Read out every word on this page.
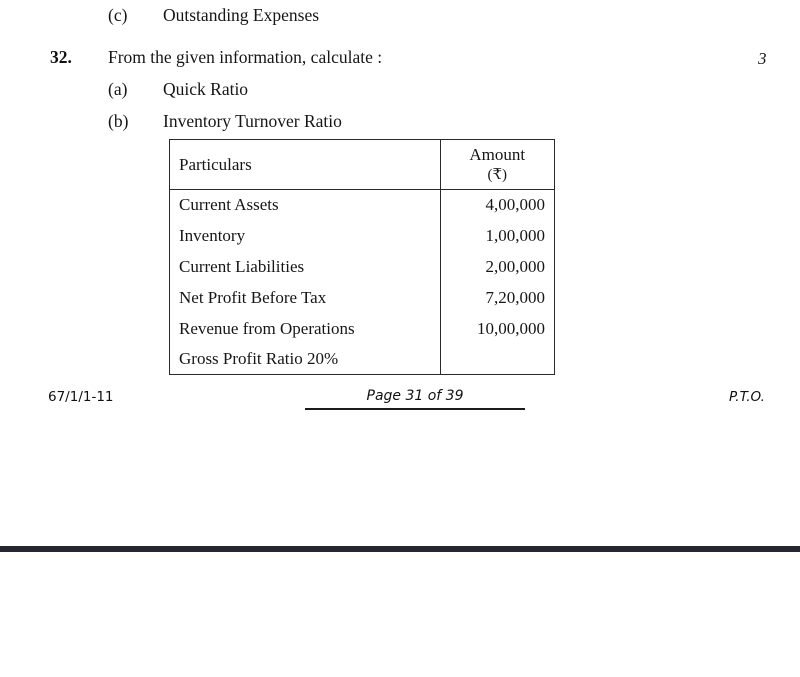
(c) Outstanding Expenses
32. From the given information, calculate :	3
(a) Quick Ratio
(b) Inventory Turnover Ratio
Particulars	Amount
(₹)

Current Assets	4,00,000
Inventory	1,00,000
Current Liabilities	2,00,000
Net Profit Before Tax	7,20,000
Revenue from Operations	10,00,000
Gross Profit Ratio 20%	
67/1/1-11	Page 31 of 39	P.T.O.
